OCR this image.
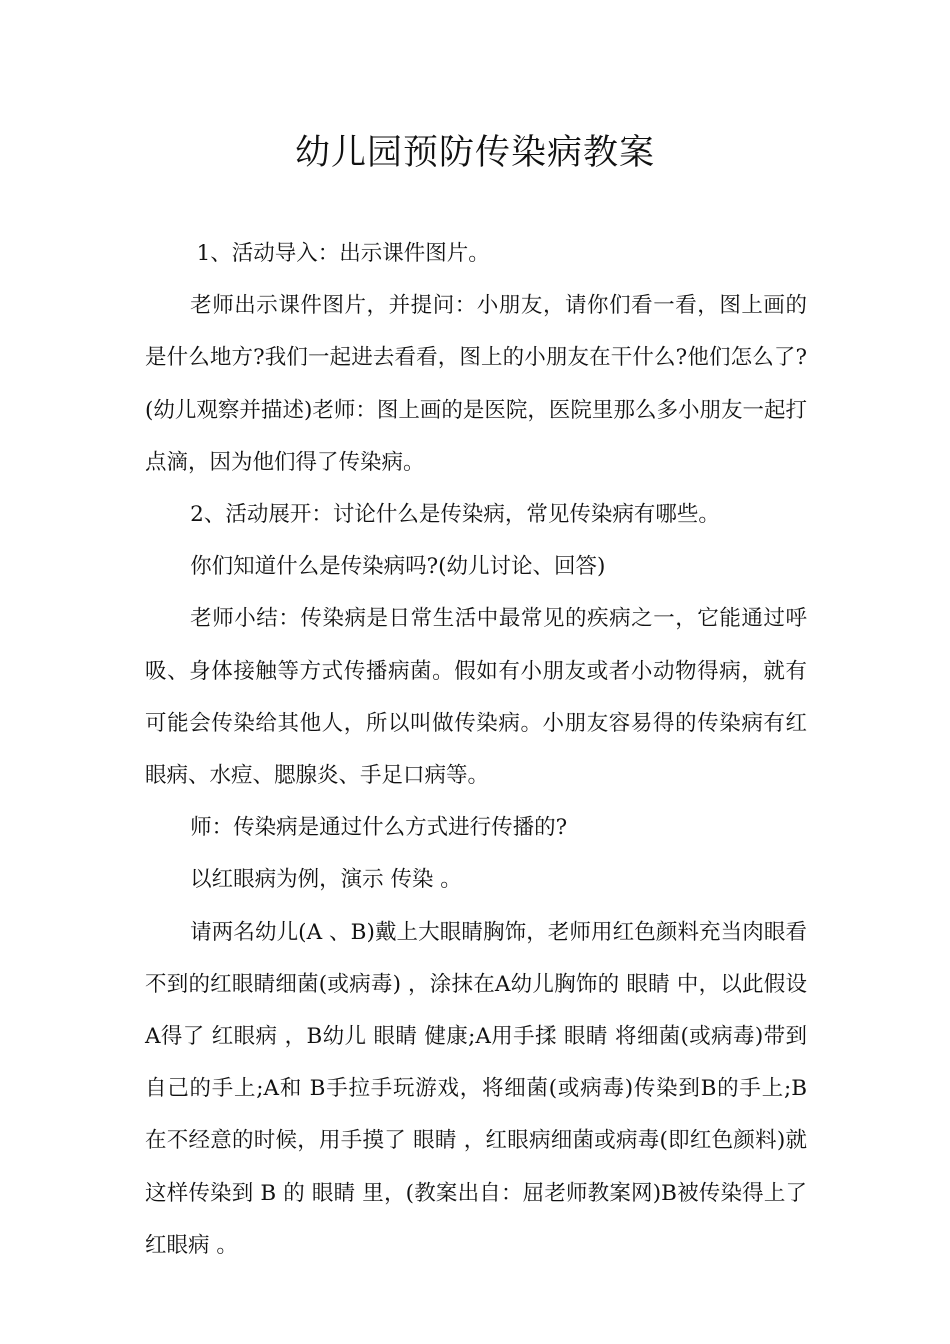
幼儿园预防传染病教案

1、活动导入：出示课件图片。

老师出示课件图片，并提问：小朋友，请你们看一看，图上画的是什么地方?我们一起进去看看，图上的小朋友在干什么?他们怎么了?(幼儿观察并描述)老师：图上画的是医院，医院里那么多小朋友一起打点滴，因为他们得了传染病。

2、活动展开：讨论什么是传染病，常见传染病有哪些。

你们知道什么是传染病吗?(幼儿讨论、回答)

老师小结：传染病是日常生活中最常见的疾病之一，它能通过呼吸、身体接触等方式传播病菌。假如有小朋友或者小动物得病，就有可能会传染给其他人，所以叫做传染病。小朋友容易得的传染病有红眼病、水痘、腮腺炎、手足口病等。

师：传染病是通过什么方式进行传播的?

以红眼病为例，演示 传染 。

请两名幼儿(A 、B)戴上大眼睛胸饰，老师用红色颜料充当肉眼看不到的红眼睛细菌(或病毒) ，涂抹在A幼儿胸饰的 眼睛 中，以此假设A得了 红眼病 ，B幼儿 眼睛 健康;A用手揉 眼睛 将细菌(或病毒)带到自己的手上;A和 B手拉手玩游戏，将细菌(或病毒)传染到B的手上;B 在不经意的时候，用手摸了 眼睛 ，红眼病细菌或病毒(即红色颜料)就这样传染到 B 的 眼睛 里，(教案出自：屈老师教案网)B被传染得上了 红眼病 。
